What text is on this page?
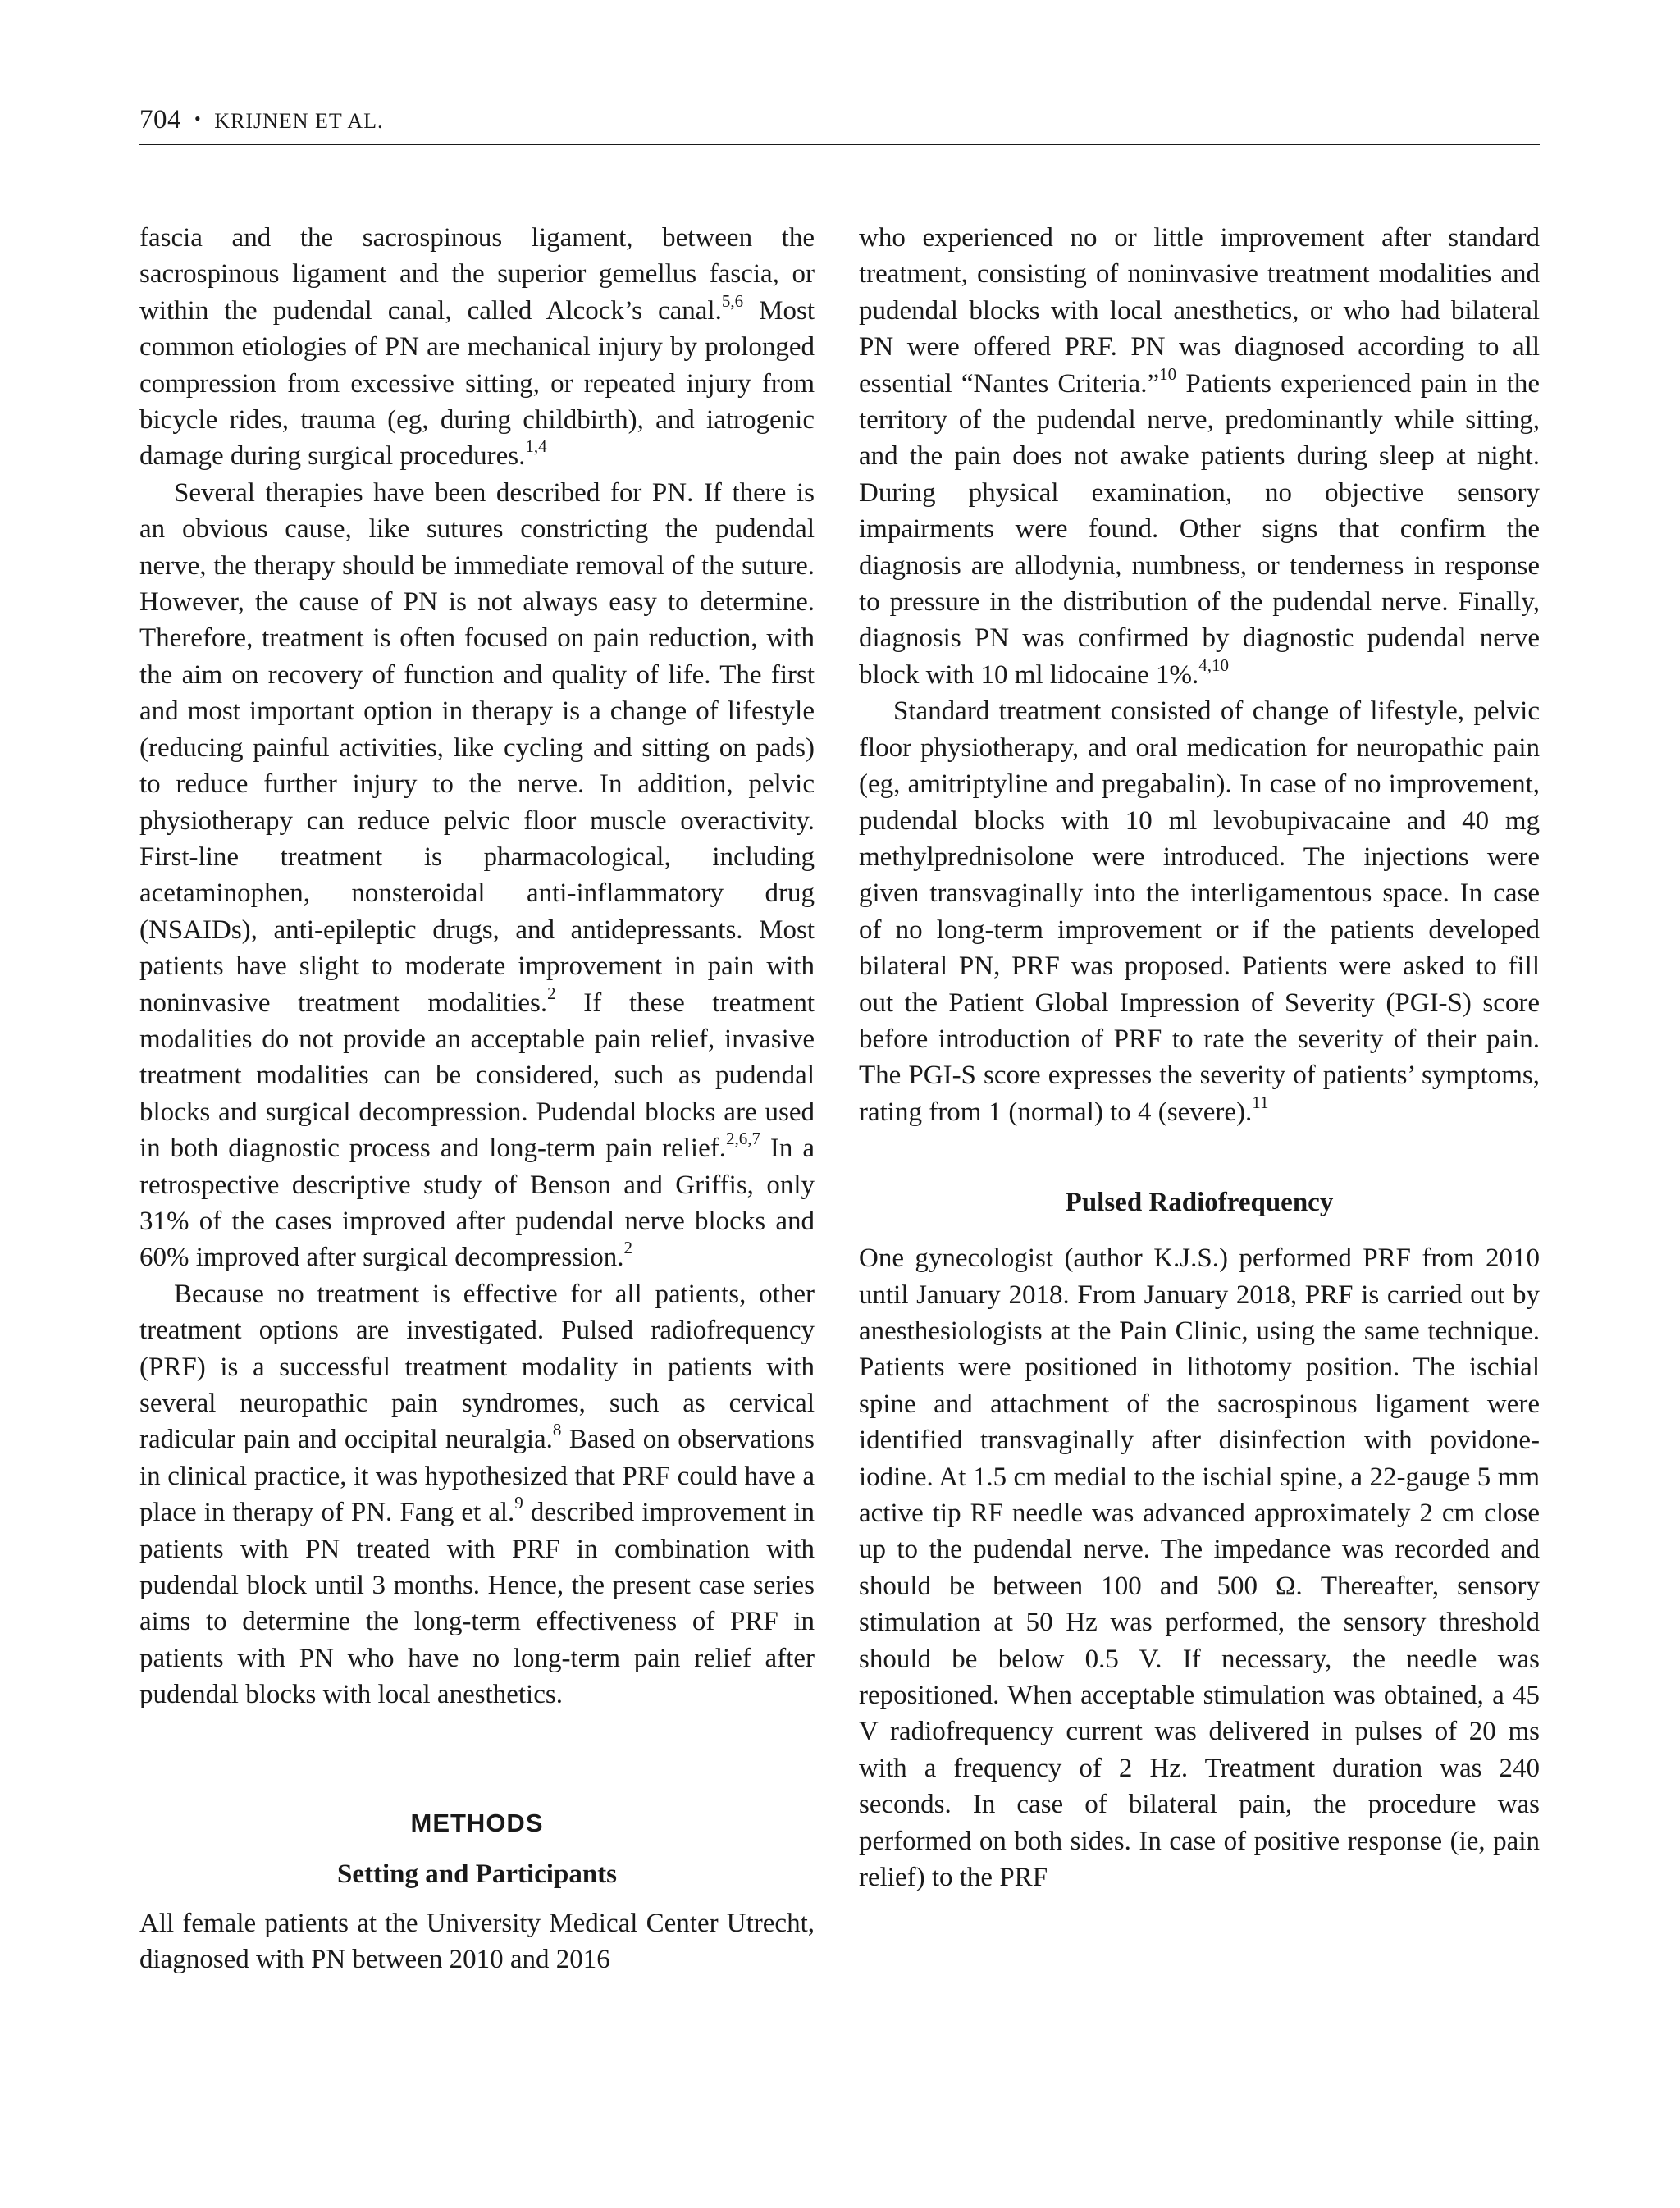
704 • KRIJNEN ET AL.

fascia and the sacrospinous ligament, between the sacrospinous ligament and the superior gemellus fascia, or within the pudendal canal, called Alcock’s canal.$^{5,6}$ Most common etiologies of PN are mechanical injury by prolonged compression from excessive sitting, or repeated injury from bicycle rides, trauma (eg, during childbirth), and iatrogenic damage during surgical procedures.$^{1,4}$

Several therapies have been described for PN. If there is an obvious cause, like sutures constricting the pudendal nerve, the therapy should be immediate removal of the suture. However, the cause of PN is not always easy to determine. Therefore, treatment is often focused on pain reduction, with the aim on recovery of function and quality of life. The first and most important option in therapy is a change of lifestyle (reducing painful activities, like cycling and sitting on pads) to reduce further injury to the nerve. In addition, pelvic physiotherapy can reduce pelvic floor muscle overactivity. First-line treatment is pharmacological, including acetaminophen, nonsteroidal anti-inflammatory drug (NSAIDs), anti-epileptic drugs, and antidepressants. Most patients have slight to moderate improvement in pain with noninvasive treatment modalities.$^2$ If these treatment modalities do not provide an acceptable pain relief, invasive treatment modalities can be considered, such as pudendal blocks and surgical decompression. Pudendal blocks are used in both diagnostic process and long-term pain relief.$^{2,6,7}$ In a retrospective descriptive study of Benson and Griffis, only 31% of the cases improved after pudendal nerve blocks and 60% improved after surgical decompression.$^2$

Because no treatment is effective for all patients, other treatment options are investigated. Pulsed radiofrequency (PRF) is a successful treatment modality in patients with several neuropathic pain syndromes, such as cervical radicular pain and occipital neuralgia.$^8$ Based on observations in clinical practice, it was hypothesized that PRF could have a place in therapy of PN. Fang et al.$^9$ described improvement in patients with PN treated with PRF in combination with pudendal block until 3 months. Hence, the present case series aims to determine the long-term effectiveness of PRF in patients with PN who have no long-term pain relief after pudendal blocks with local anesthetics.

METHODS
Setting and Participants

All female patients at the University Medical Center Utrecht, diagnosed with PN between 2010 and 2016

who experienced no or little improvement after standard treatment, consisting of noninvasive treatment modalities and pudendal blocks with local anesthetics, or who had bilateral PN were offered PRF. PN was diagnosed according to all essential “Nantes Criteria.”$^{10}$ Patients experienced pain in the territory of the pudendal nerve, predominantly while sitting, and the pain does not awake patients during sleep at night. During physical examination, no objective sensory impairments were found. Other signs that confirm the diagnosis are allodynia, numbness, or tenderness in response to pressure in the distribution of the pudendal nerve. Finally, diagnosis PN was confirmed by diagnostic pudendal nerve block with 10 ml lidocaine 1%.$^{4,10}$

Standard treatment consisted of change of lifestyle, pelvic floor physiotherapy, and oral medication for neuropathic pain (eg, amitriptyline and pregabalin). In case of no improvement, pudendal blocks with 10 ml levobupivacaine and 40 mg methylprednisolone were introduced. The injections were given transvaginally into the interligamentous space. In case of no long-term improvement or if the patients developed bilateral PN, PRF was proposed. Patients were asked to fill out the Patient Global Impression of Severity (PGI-S) score before introduction of PRF to rate the severity of their pain. The PGI-S score expresses the severity of patients’ symptoms, rating from 1 (normal) to 4 (severe).$^{11}$

Pulsed Radiofrequency

One gynecologist (author K.J.S.) performed PRF from 2010 until January 2018. From January 2018, PRF is carried out by anesthesiologists at the Pain Clinic, using the same technique. Patients were positioned in lithotomy position. The ischial spine and attachment of the sacrospinous ligament were identified transvaginally after disinfection with povidone-iodine. At 1.5 cm medial to the ischial spine, a 22-gauge 5 mm active tip RF needle was advanced approximately 2 cm close up to the pudendal nerve. The impedance was recorded and should be between 100 and 500 Ω. Thereafter, sensory stimulation at 50 Hz was performed, the sensory threshold should be below 0.5 V. If necessary, the needle was repositioned. When acceptable stimulation was obtained, a 45 V radiofrequency current was delivered in pulses of 20 ms with a frequency of 2 Hz. Treatment duration was 240 seconds. In case of bilateral pain, the procedure was performed on both sides. In case of positive response (ie, pain relief) to the PRF
